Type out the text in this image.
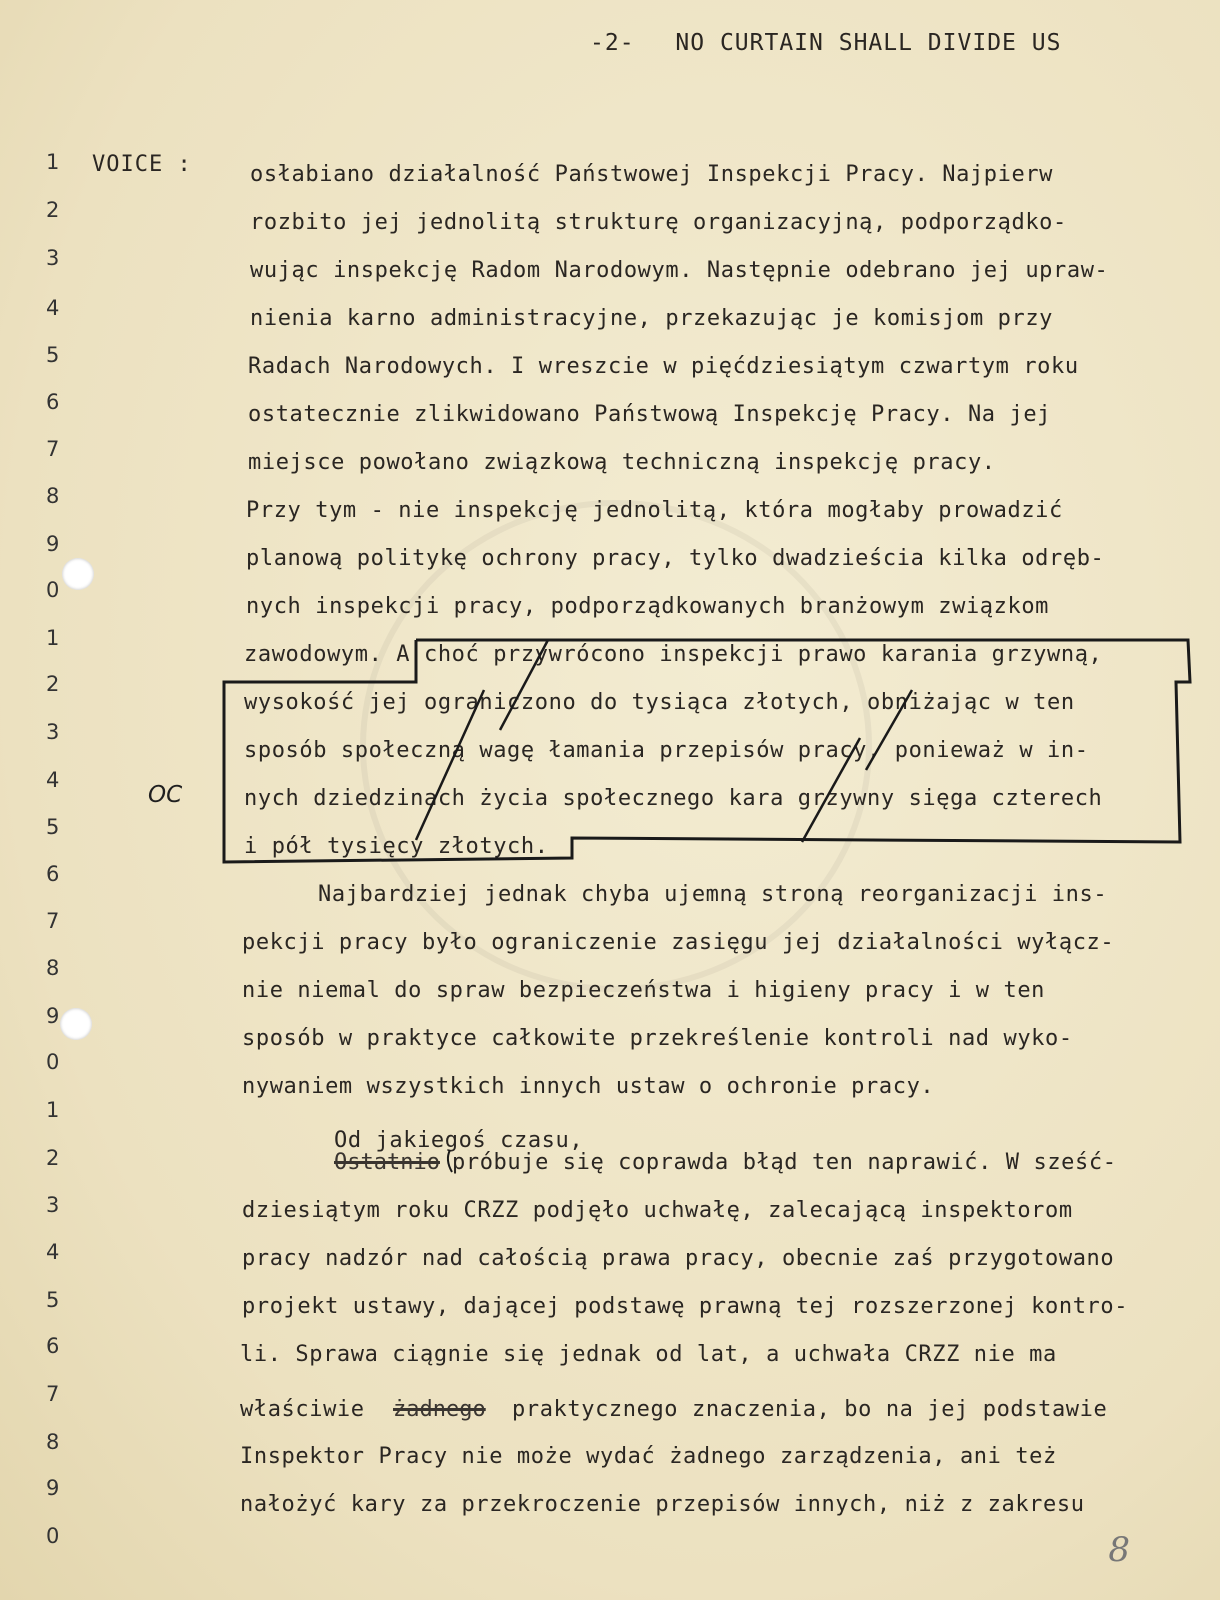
-2- NO CURTAIN SHALL DIVIDE US
VOICE :
OC
1
2
3
4
5
6
7
8
9
0
1
2
3
4
5
6
7
8
9
0
1
2
3
4
5
6
7
8
9
0
osłabiano działalność Państwowej Inspekcji Pracy. Najpierw
rozbito jej jednolitą strukturę organizacyjną, podporządko-
wując inspekcję Radom Narodowym. Następnie odebrano jej upraw-
nienia karno administracyjne, przekazując je komisjom przy
Radach Narodowych. I wreszcie w pięćdziesiątym czwartym roku
ostatecznie zlikwidowano Państwową Inspekcję Pracy. Na jej
miejsce powołano związkową techniczną inspekcję pracy.
Przy tym - nie inspekcję jednolitą, która mogłaby prowadzić
planową politykę ochrony pracy, tylko dwadzieścia kilka odręb-
nych inspekcji pracy, podporządkowanych branżowym związkom
zawodowym. A choć przywrócono inspekcji prawo karania grzywną,
wysokość jej ograniczono do tysiąca złotych, obniżając w ten
sposób społeczną wagę łamania przepisów pracy, ponieważ w in-
nych dziedzinach życia społecznego kara grzywny sięga czterech
i pół tysięcy złotych.
Najbardziej jednak chyba ujemną stroną reorganizacji ins-
pekcji pracy było ograniczenie zasięgu jej działalności wyłącz-
nie niemal do spraw bezpieczeństwa i higieny pracy i w ten
sposób w praktyce całkowite przekreślenie kontroli nad wyko-
nywaniem wszystkich innych ustaw o ochronie pracy.
Od jakiegoś czasu,
Ostatnio próbuje się coprawda błąd ten naprawić. W sześć-
dziesiątym roku CRZZ podjęło uchwałę, zalecającą inspektorom
pracy nadzór nad całością prawa pracy, obecnie zaś przygotowano
projekt ustawy, dającej podstawę prawną tej rozszerzonej kontro-
li. Sprawa ciągnie się jednak od lat, a uchwała CRZZ nie ma
właściwie żadnego praktycznego znaczenia, bo na jej podstawie
Inspektor Pracy nie może wydać żadnego zarządzenia, ani też
nałożyć kary za przekroczenie przepisów innych, niż z zakresu
8
